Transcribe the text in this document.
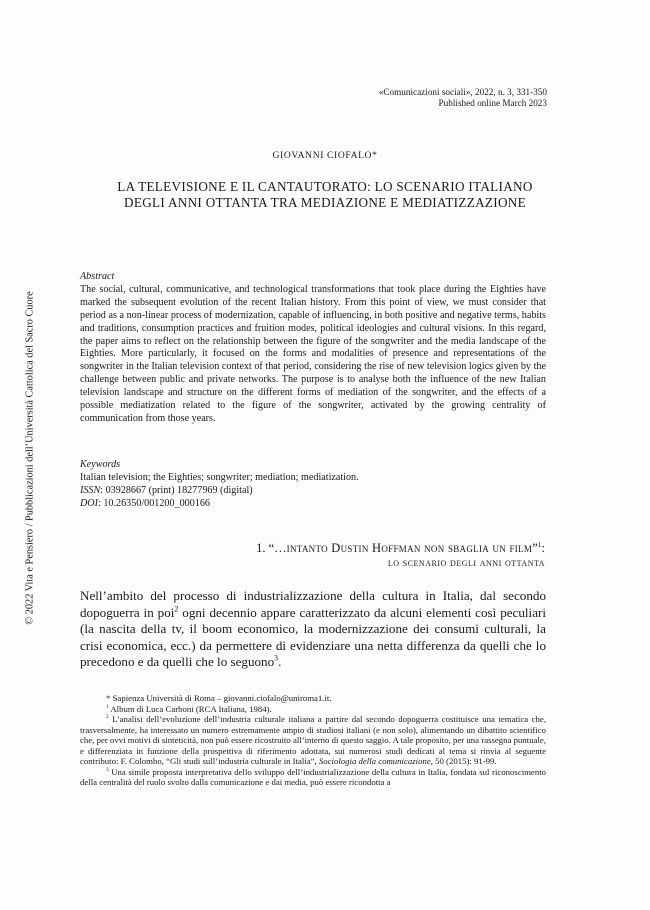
«Comunicazioni sociali», 2022, n. 3, 331-350
Published online March 2023
GIOVANNI CIOFALO*
LA TELEVISIONE E IL CANTAUTORATO: LO SCENARIO ITALIANO
DEGLI ANNI OTTANTA TRA MEDIAZIONE E MEDIATIZZAZIONE
Abstract
The social, cultural, communicative, and technological transformations that took place during the Eighties have marked the subsequent evolution of the recent Italian history. From this point of view, we must consider that period as a non-linear process of modernization, capable of influencing, in both positive and negative terms, habits and traditions, consumption practices and fruition modes, political ideologies and cultural visions. In this regard, the paper aims to reflect on the relationship between the figure of the songwriter and the media landscape of the Eighties. More particularly, it focused on the forms and modalities of presence and representations of the songwriter in the Italian television context of that period, considering the rise of new television logics given by the challenge between public and private networks. The purpose is to analyse both the influence of the new Italian television landscape and structure on the different forms of mediation of the songwriter, and the effects of a possible mediatization related to the figure of the songwriter, activated by the growing centrality of communication from those years.
Keywords
Italian television; the Eighties; songwriter; mediation; mediatization.
ISSN: 03928667 (print) 18277969 (digital)
DOI: 10.26350/001200_000166
1. “…intanto Dustin Hoffman non sbaglia un film”$^1$:
lo scenario degli anni ottanta
Nell’ambito del processo di industrializzazione della cultura in Italia, dal secondo dopoguerra in poi$^2$ ogni decennio appare caratterizzato da alcuni elementi così peculiari (la nascita della tv, il boom economico, la modernizzazione dei consumi culturali, la crisi economica, ecc.) da permettere di evidenziare una netta differenza da quelli che lo precedono e da quelli che lo seguono$^3$.
* Sapienza Università di Roma – giovanni.ciofalo@uniroma1.it.
$^1$ Album di Luca Carboni (RCA Italiana, 1984).
$^2$ L’analisi dell’evoluzione dell’industria culturale italiana a partire dal secondo dopoguerra costituisce una tematica che, trasversalmente, ha interessato un numero estremamente ampio di studiosi italiani (e non solo), alimentando un dibattito scientifico che, per ovvi motivi di sinteticità, non può essere ricostruito all’interno di questo saggio. A tale proposito, per una rassegna puntuale, e differenziata in funzione della prospettiva di riferimento adottata, sui numerosi studi dedicati al tema si rinvia al seguente contributo: F. Colombo, “Gli studi sull’industria culturale in Italia”, Sociologia della comunicazione, 50 (2015): 91-99.
$^3$ Una simile proposta interpretativa dello sviluppo dell’industrializzazione della cultura in Italia, fondata sul riconoscimento della centralità del ruolo svolto dalla comunicazione e dai media, può essere ricondotta a
© 2022 Vita e Pensiero / Pubblicazioni dell’Università Cattolica del Sacro Cuore
